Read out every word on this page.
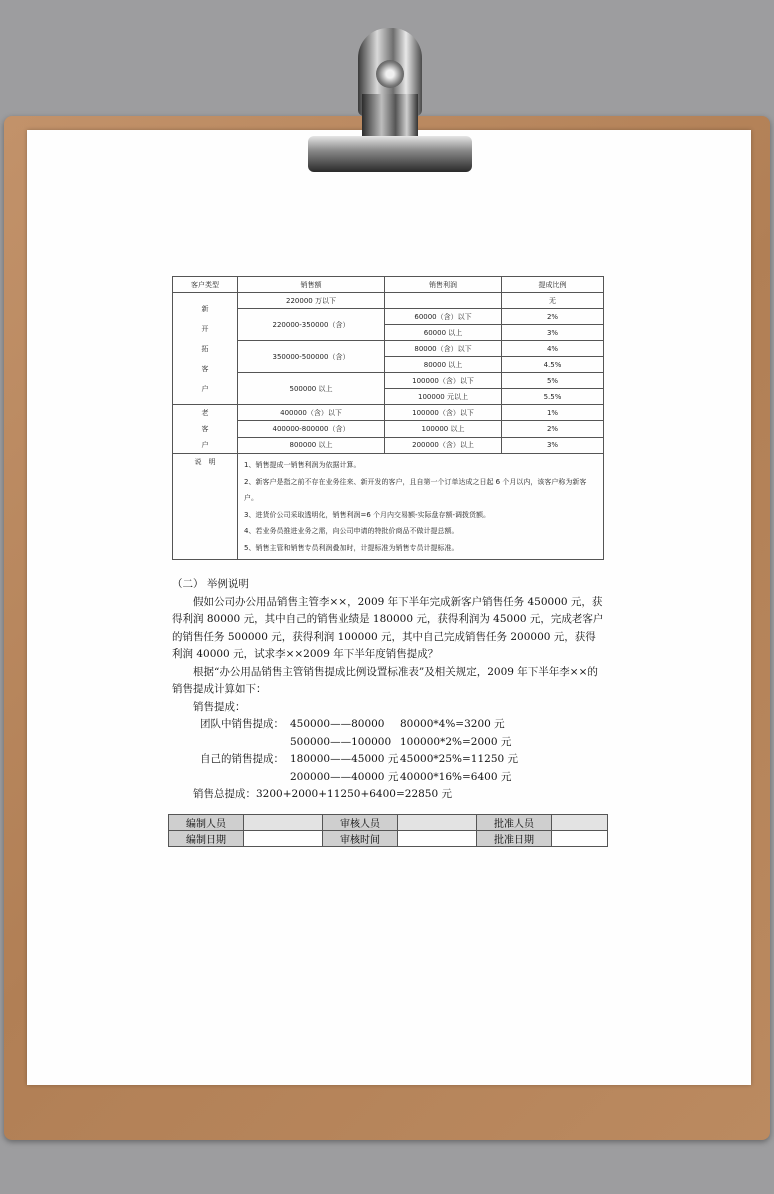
客户类型	销售额	销售利润	提成比例
新
开
拓
客
户	220000 万以下		无
	220000-350000（含）	60000（含）以下	2%
		60000 以上	3%
	350000-500000（含）	80000（含）以下	4%
		80000 以上	4.5%
	500000 以上	100000（含）以下	5%
		100000 元以上	5.5%
老
客
户	400000（含）以下	100000（含）以下	1%
	400000-800000（含）	100000 以上	2%
	800000 以上	200000（含）以上	3%
说　明	1、销售提成一销售利润为依据计算。
2、新客户是指之前不存在业务往来、新开发的客户，且自第一个订单达成之日起 6 个月以内，该客户称为新客户。
3、进货价公司采取透明化，销售利润=6 个月内交易额-实际盘存额-调拨货额。
4、若业务员推进业务之需，向公司申请的特批价商品不做计提总额。
5、销售主管和销售专员利润叠加时，计提标准为销售专员计提标准。		

（二） 举例说明

假如公司办公用品销售主管李××，2009 年下半年完成新客户销售任务 450000 元，获得利润 80000 元，其中自己的销售业绩是 180000 元，获得利润为 45000 元，完成老客户的销售任务 500000 元，获得利润 100000 元，其中自己完成销售任务 200000 元，获得利润 40000 元，试求李××2009 年下半年度销售提成？

根据“办公用品销售主管销售提成比例设置标准表”及相关规定，2009 年下半年李××的销售提成计算如下：

销售提成：

团队中销售提成： 450000——80000	80000*4%=3200 元
500000——100000 100000*2%=2000 元
自己的销售提成： 180000——45000 元 45000*25%=11250 元
200000——40000 元 40000*16%=6400 元

销售总提成：3200+2000+11250+6400=22850 元

编制人员		审核人员		批准人员	
编制日期		审核时间		批准日期	
